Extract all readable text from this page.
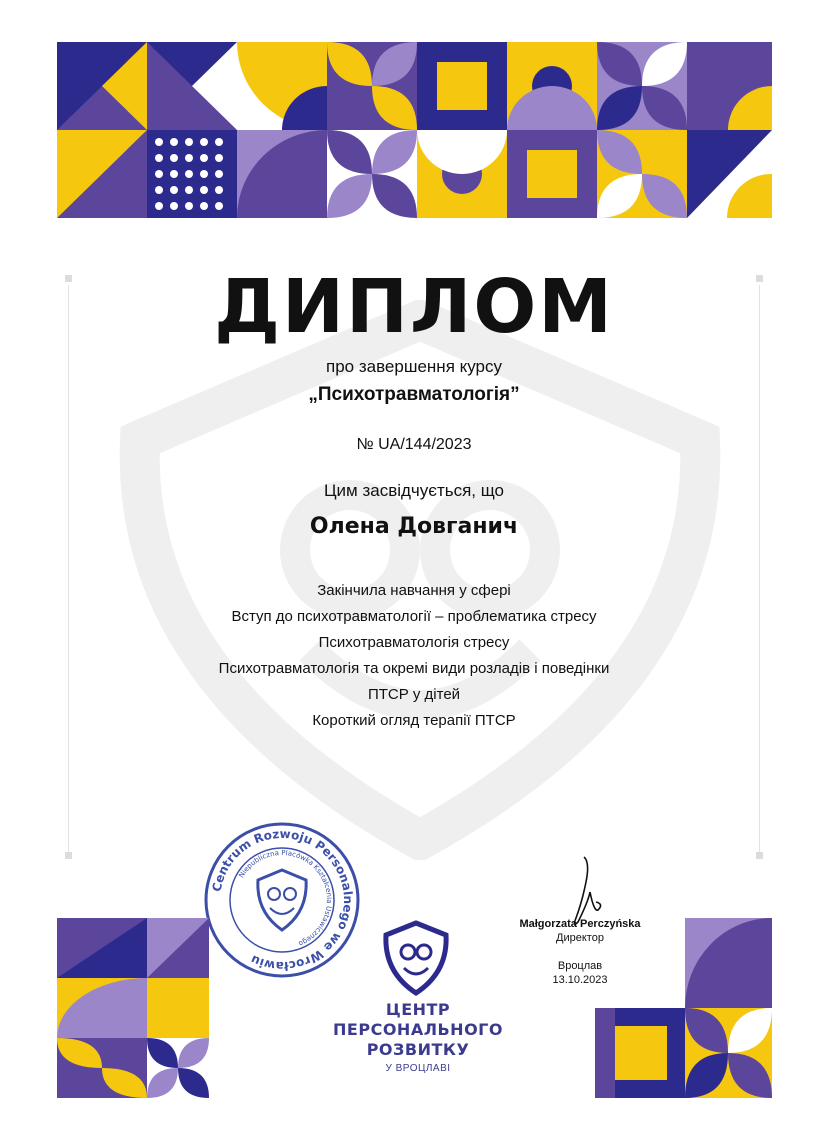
ДИПЛОМ
про завершення курсу
„Психотравматологія”
№ UA/144/2023
Цим засвідчується, що
Олена Довганич
Закінчила навчання у сфері
Вступ до психотравматології – проблематика стресу
Психотравматологія стресу
Психотравматологія та окремі види розладів і поведінки
ПТСР у дітей
Короткий огляд терапії ПТСР
Centrum Rozwoju Personalnego we Wrocławiu
Niepubliczna Placówka Kształcenia Ustawicznego
ЦЕНТР
ПЕРСОНАЛЬНОГО
РОЗВИТКУ
У ВРОЦЛАВІ
Małgorzata Perczyńska
Директор
Вроцлав
13.10.2023
